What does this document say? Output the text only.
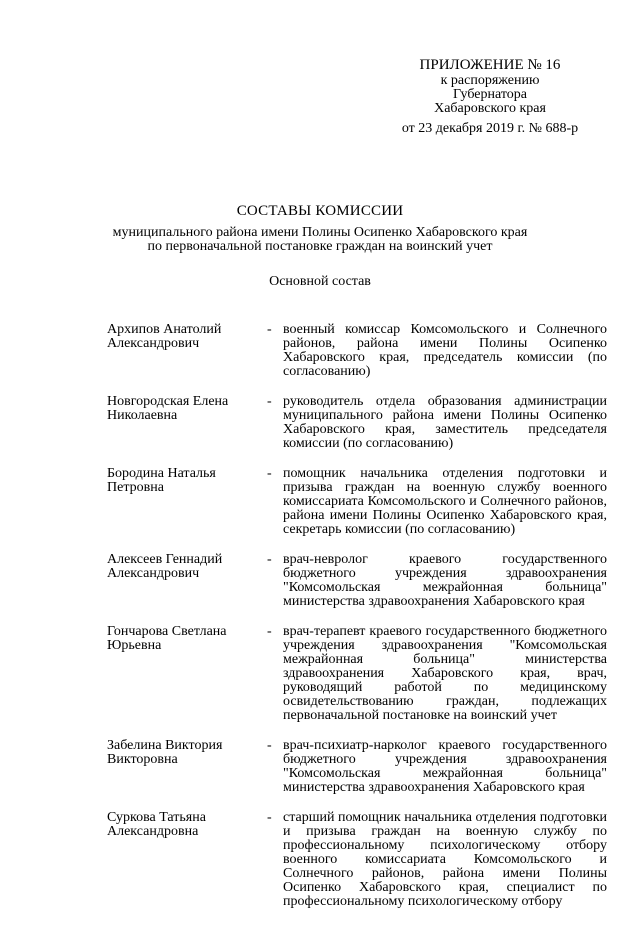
ПРИЛОЖЕНИЕ № 16
к распоряжению
Губернатора
Хабаровского края
от 23 декабря 2019 г. № 688-р
СОСТАВЫ КОМИССИИ
муниципального района имени Полины Осипенко Хабаровского края
по первоначальной постановке граждан на воинский учет
Основной состав
Архипов Анатолий
Александрович
- военный комиссар Комсомольского и Солнечного районов, района имени Полины Осипенко Хабаровского края, председатель комиссии (по согласованию)
Новгородская Елена
Николаевна
- руководитель отдела образования администрации муниципального района имени Полины Осипенко Хабаровского края, заместитель председателя комиссии (по согласованию)
Бородина Наталья
Петровна
- помощник начальника отделения подготовки и призыва граждан на военную службу военного комиссариата Комсомольского и Солнечного районов, района имени Полины Осипенко Хабаровского края, секретарь комиссии (по согласованию)
Алексеев Геннадий
Александрович
- врач-невролог краевого государственного бюджетного учреждения здравоохранения "Комсомольская межрайонная больница" министерства здравоохранения Хабаровского края
Гончарова Светлана
Юрьевна
- врач-терапевт краевого государственного бюджетного учреждения здравоохранения "Комсомольская межрайонная больница" министерства здравоохранения Хабаровского края, врач, руководящий работой по медицинскому освидетельствованию граждан, подлежащих первоначальной постановке на воинский учет
Забелина Виктория
Викторовна
- врач-психиатр-нарколог краевого государственного бюджетного учреждения здравоохранения "Комсомольская межрайонная больница" министерства здравоохранения Хабаровского края
Суркова Татьяна
Александровна
- старший помощник начальника отделения подготовки и призыва граждан на военную службу по профессиональному психологическому отбору военного комиссариата Комсомольского и Солнечного районов, района имени Полины Осипенко Хабаровского края, специалист по профессиональному психологическому отбору
